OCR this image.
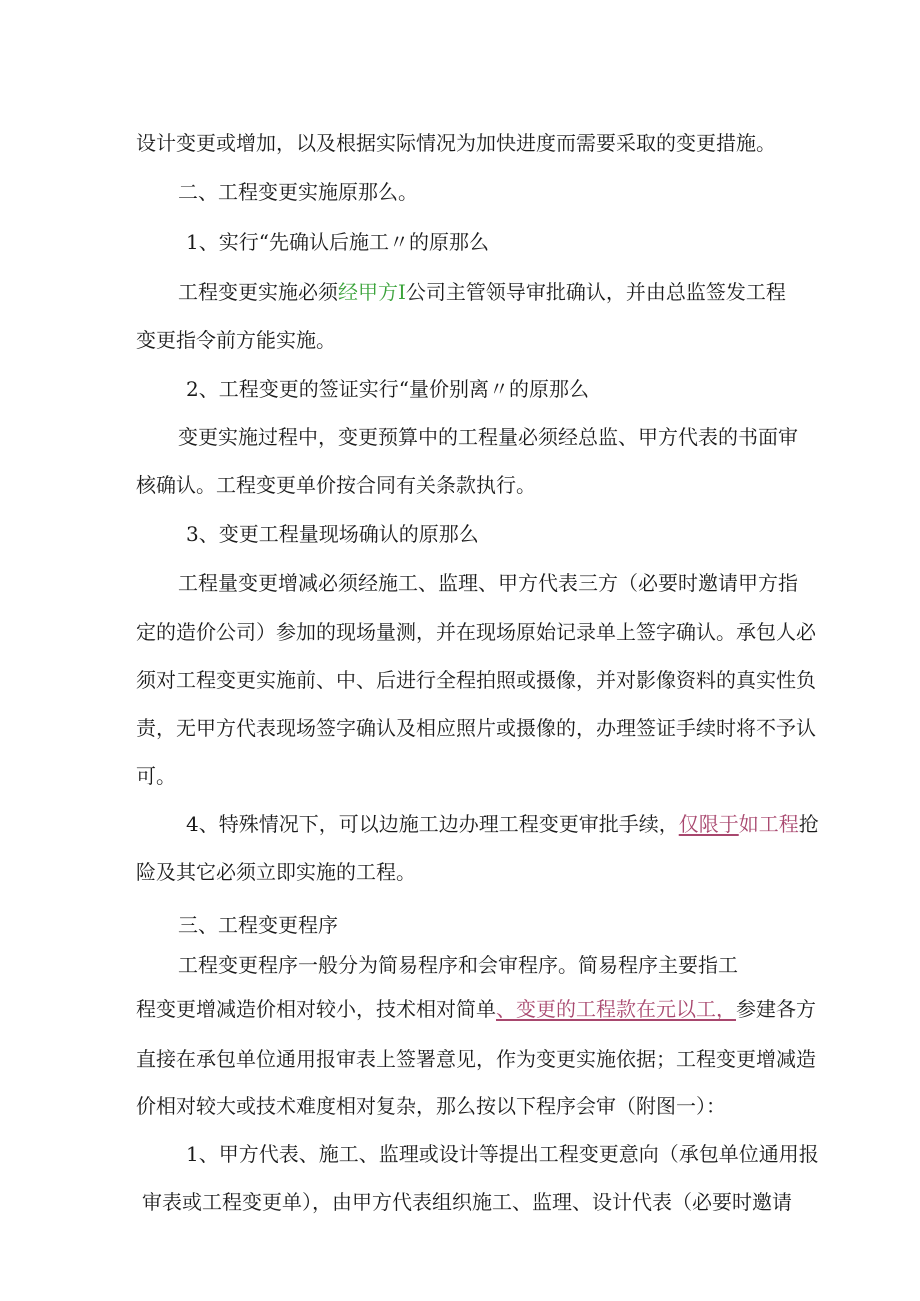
设计变更或增加，以及根据实际情况为加快进度而需要采取的变更措施。
二、工程变更实施原那么。
1、实行“先确认后施工〃的原那么
工程变更实施必须经甲方Ⅰ公司主管领导审批确认，并由总监签发工程
变更指令前方能实施。
2、工程变更的签证实行“量价别离〃的原那么
变更实施过程中，变更预算中的工程量必须经总监、甲方代表的书面审
核确认。工程变更单价按合同有关条款执行。
3、变更工程量现场确认的原那么
工程量变更增减必须经施工、监理、甲方代表三方（必要时邀请甲方指
定的造价公司）参加的现场量测，并在现场原始记录单上签字确认。承包人必
须对工程变更实施前、中、后进行全程拍照或摄像，并对影像资料的真实性负
责，无甲方代表现场签字确认及相应照片或摄像的，办理签证手续时将不予认
可。
4、特殊情况下，可以边施工边办理工程变更审批手续，仅限于如工程抢
险及其它必须立即实施的工程。
三、工程变更程序
工程变更程序一般分为简易程序和会审程序。简易程序主要指工
程变更增减造价相对较小，技术相对简单、变更的工程款在元以工，参建各方
直接在承包单位通用报审表上签署意见，作为变更实施依据；工程变更增减造
价相对较大或技术难度相对复杂，那么按以下程序会审（附图一）：
1、甲方代表、施工、监理或设计等提出工程变更意向（承包单位通用报
审表或工程变更单），由甲方代表组织施工、监理、设计代表（必要时邀请
